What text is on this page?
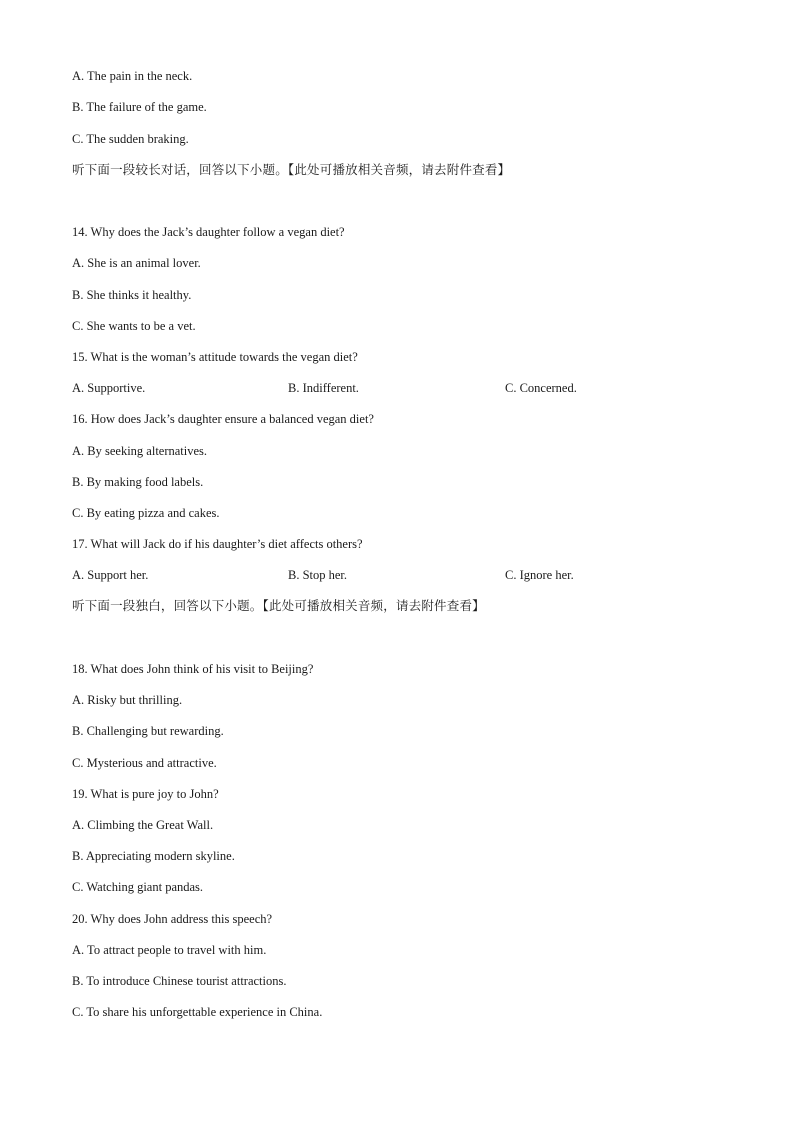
A. The pain in the neck.
B. The failure of the game.
C. The sudden braking.
听下面一段较长对话，回答以下小题。【此处可播放相关音频，请去附件查看】
14. Why does the Jack’s daughter follow a vegan diet?
A. She is an animal lover.
B. She thinks it healthy.
C. She wants to be a vet.
15. What is the woman’s attitude towards the vegan diet?
A. Supportive.	B. Indifferent.	C. Concerned.
16. How does Jack’s daughter ensure a balanced vegan diet?
A. By seeking alternatives.
B. By making food labels.
C. By eating pizza and cakes.
17. What will Jack do if his daughter’s diet affects others?
A. Support her.	B. Stop her.	C. Ignore her.
听下面一段独白，回答以下小题。【此处可播放相关音频，请去附件查看】
18. What does John think of his visit to Beijing?
A. Risky but thrilling.
B. Challenging but rewarding.
C. Mysterious and attractive.
19. What is pure joy to John?
A. Climbing the Great Wall.
B. Appreciating modern skyline.
C. Watching giant pandas.
20. Why does John address this speech?
A. To attract people to travel with him.
B. To introduce Chinese tourist attractions.
C. To share his unforgettable experience in China.
